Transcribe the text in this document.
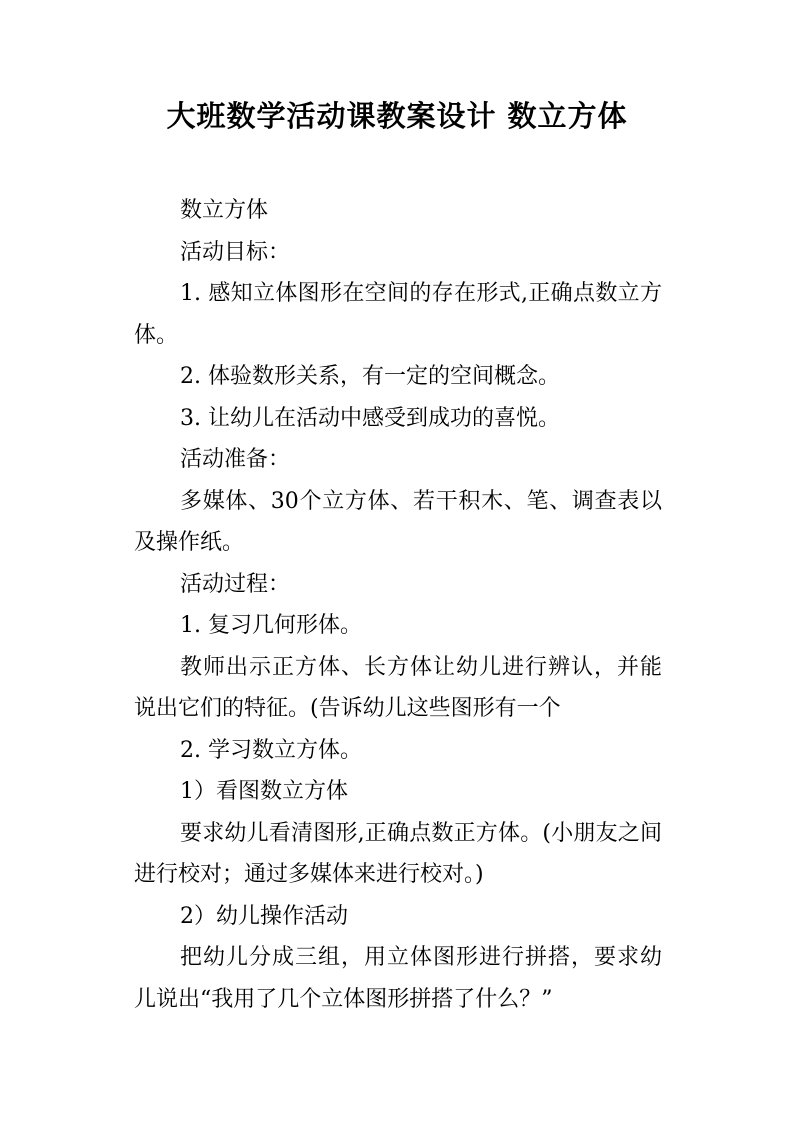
大班数学活动课教案设计 数立方体

数立方体

活动目标：

1. 感知立体图形在空间的存在形式,正确点数立方体。

2. 体验数形关系，有一定的空间概念。

3. 让幼儿在活动中感受到成功的喜悦。

活动准备：

多媒体、30个立方体、若干积木、笔、调查表以及操作纸。

活动过程：

1. 复习几何形体。

教师出示正方体、长方体让幼儿进行辨认，并能说出它们的特征。(告诉幼儿这些图形有一个

2. 学习数立方体。

1）看图数立方体

要求幼儿看清图形,正确点数正方体。(小朋友之间进行校对；通过多媒体来进行校对。)

2）幼儿操作活动

把幼儿分成三组，用立体图形进行拼搭，要求幼儿说出“我用了几个立体图形拼搭了什么？”
